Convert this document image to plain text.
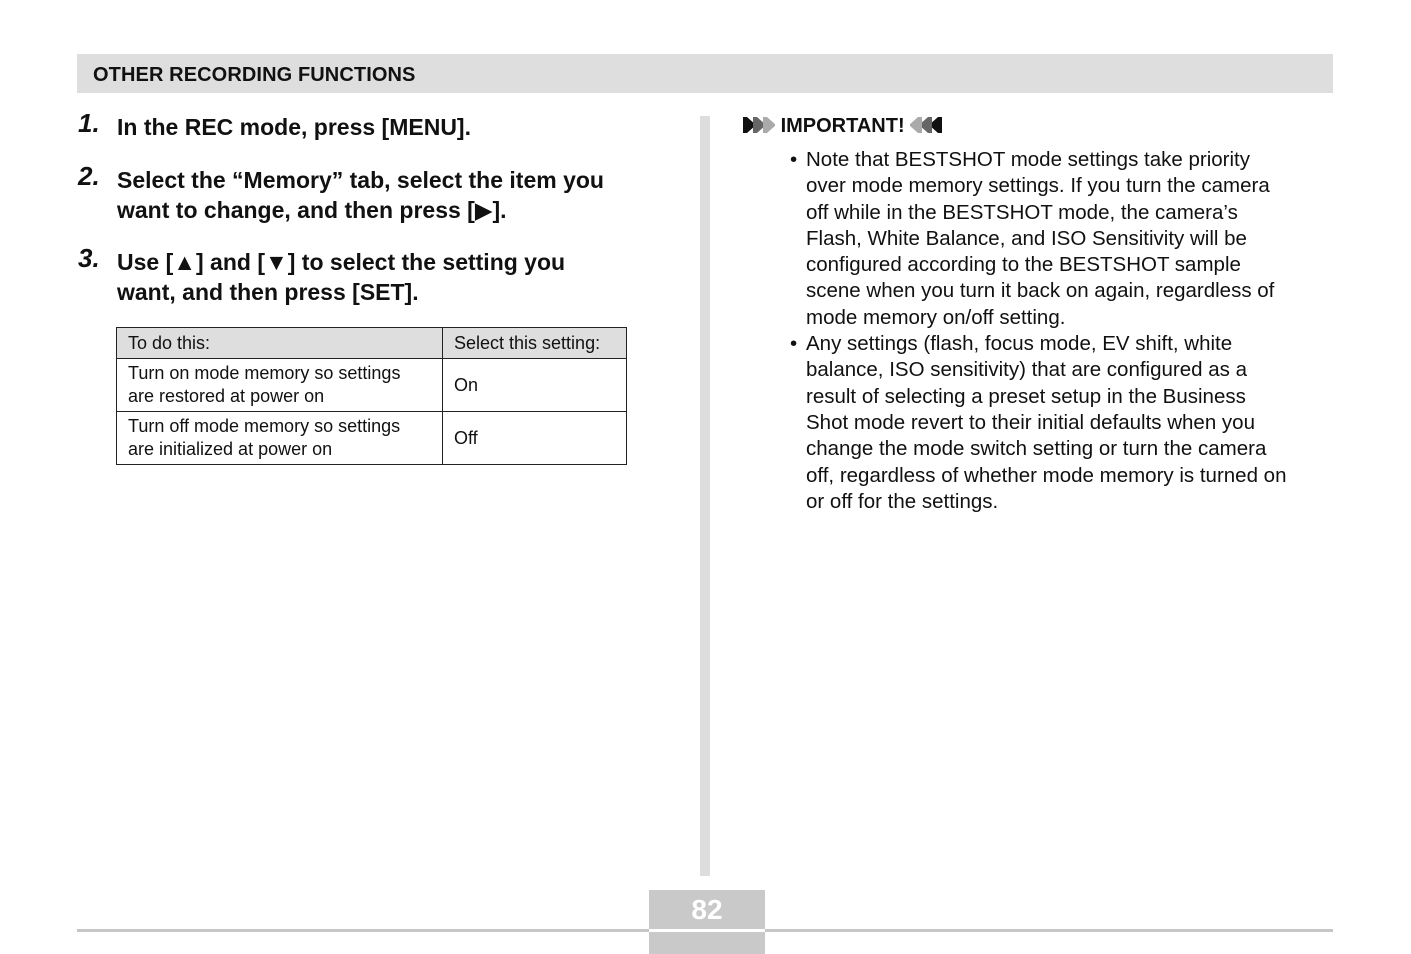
OTHER RECORDING FUNCTIONS
1. In the REC mode, press [MENU].
2. Select the “Memory” tab, select the item you
want to change, and then press [▶].
3. Use [▲] and [▼] to select the setting you
want, and then press [SET].
To do this:	Select this setting:

Turn on mode memory so settings
are restored at power on	On

Turn off mode memory so settings
are initialized at power on	Off
IMPORTANT!
• Note that BESTSHOT mode settings take priority
over mode memory settings. If you turn the camera
off while in the BESTSHOT mode, the camera’s
Flash, White Balance, and ISO Sensitivity will be
configured according to the BESTSHOT sample
scene when you turn it back on again, regardless of
mode memory on/off setting.
• Any settings (flash, focus mode, EV shift, white
balance, ISO sensitivity) that are configured as a
result of selecting a preset setup in the Business
Shot mode revert to their initial defaults when you
change the mode switch setting or turn the camera
off, regardless of whether mode memory is turned on
or off for the settings.
82
